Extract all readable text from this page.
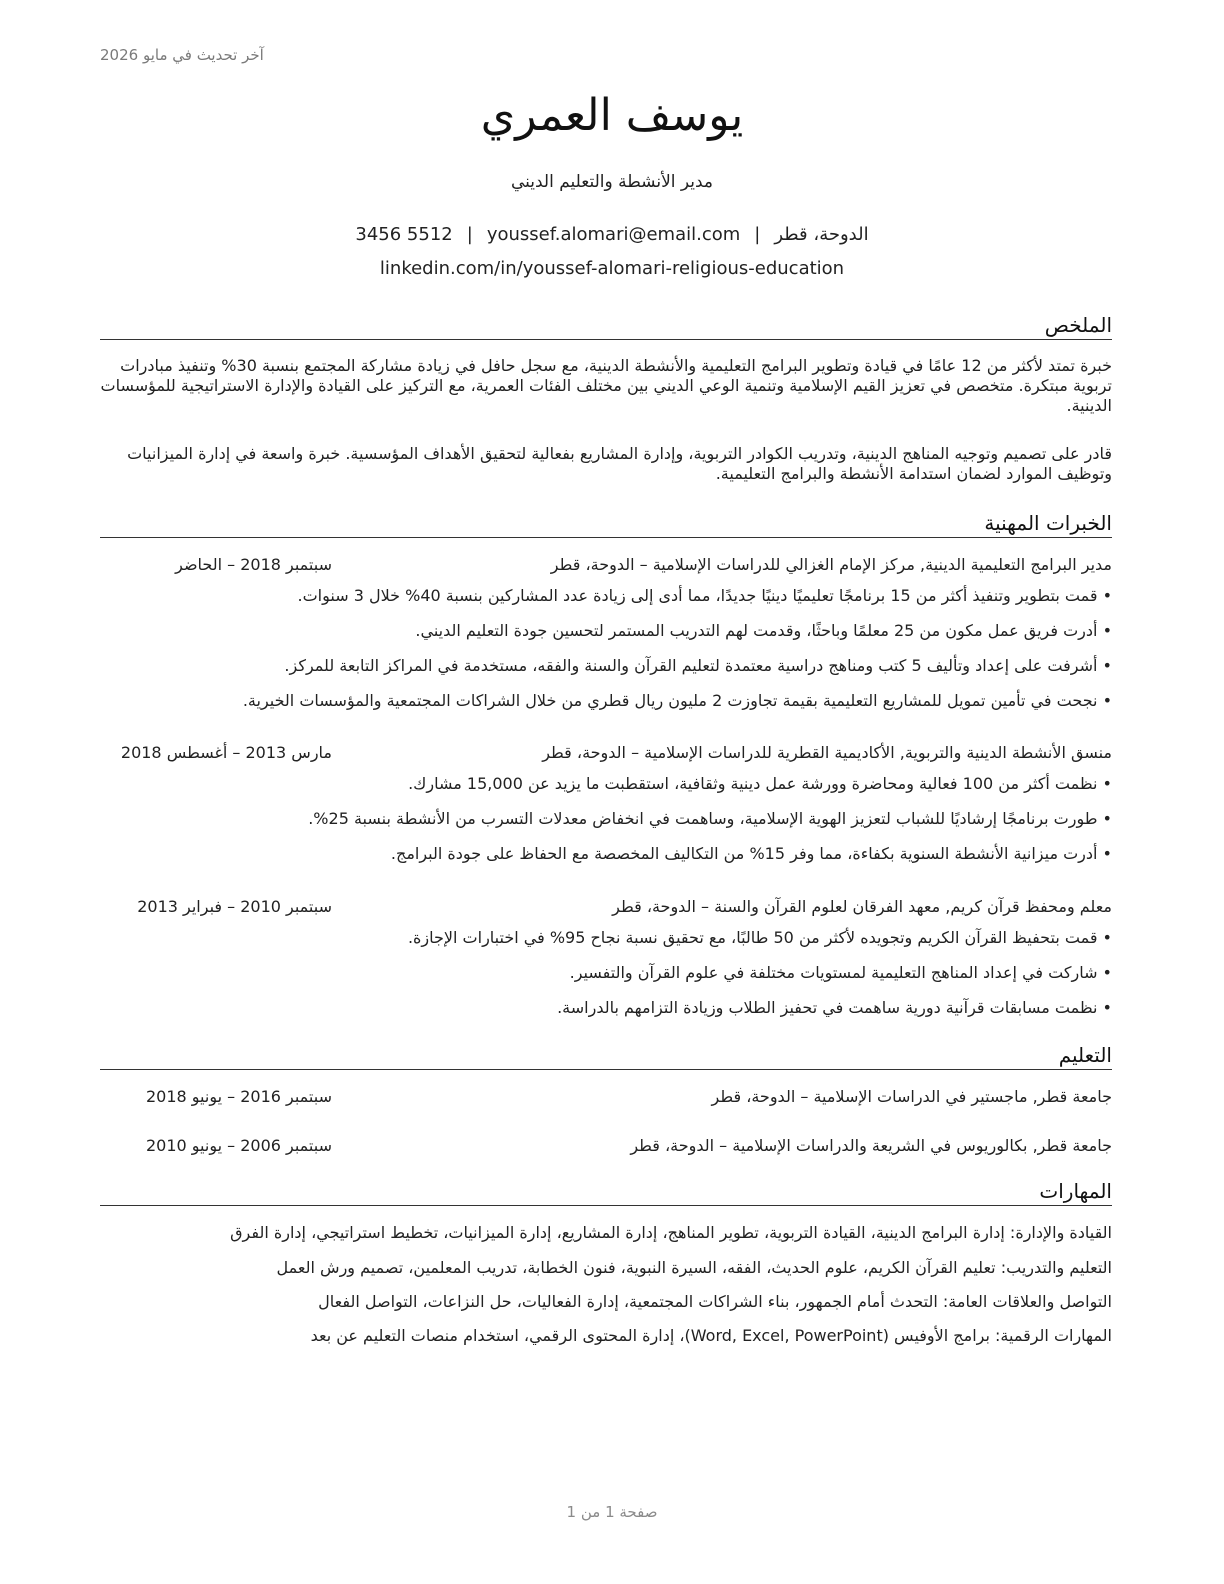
آخر تحديث في مايو 2026
يوسف العمري
مدير الأنشطة والتعليم الديني
الدوحة، قطر|youssef.alomari@email.com|3456 5512
linkedin.com/in/youssef-alomari-religious-education
الملخص
خبرة تمتد لأكثر من 12 عامًا في قيادة وتطوير البرامج التعليمية والأنشطة الدينية، مع سجل حافل في زيادة مشاركة المجتمع بنسبة 30% وتنفيذ مبادرات تربوية مبتكرة. متخصص في تعزيز القيم الإسلامية وتنمية الوعي الديني بين مختلف الفئات العمرية، مع التركيز على القيادة والإدارة الاستراتيجية للمؤسسات الدينية.
قادر على تصميم وتوجيه المناهج الدينية، وتدريب الكوادر التربوية، وإدارة المشاريع بفعالية لتحقيق الأهداف المؤسسية. خبرة واسعة في إدارة الميزانيات وتوظيف الموارد لضمان استدامة الأنشطة والبرامج التعليمية.
الخبرات المهنية
مدير البرامج التعليمية الدينية, مركز الإمام الغزالي للدراسات الإسلامية – الدوحة، قطر
سبتمبر 2018 – الحاضر
• قمت بتطوير وتنفيذ أكثر من 15 برنامجًا تعليميًا دينيًا جديدًا، مما أدى إلى زيادة عدد المشاركين بنسبة 40% خلال 3 سنوات.
• أدرت فريق عمل مكون من 25 معلمًا وباحثًا، وقدمت لهم التدريب المستمر لتحسين جودة التعليم الديني.
• أشرفت على إعداد وتأليف 5 كتب ومناهج دراسية معتمدة لتعليم القرآن والسنة والفقه، مستخدمة في المراكز التابعة للمركز.
• نجحت في تأمين تمويل للمشاريع التعليمية بقيمة تجاوزت 2 مليون ريال قطري من خلال الشراكات المجتمعية والمؤسسات الخيرية.
منسق الأنشطة الدينية والتربوية, الأكاديمية القطرية للدراسات الإسلامية – الدوحة، قطر
مارس 2013 – أغسطس 2018
• نظمت أكثر من 100 فعالية ومحاضرة وورشة عمل دينية وثقافية، استقطبت ما يزيد عن 15,000 مشارك.
• طورت برنامجًا إرشاديًا للشباب لتعزيز الهوية الإسلامية، وساهمت في انخفاض معدلات التسرب من الأنشطة بنسبة 25%.
• أدرت ميزانية الأنشطة السنوية بكفاءة، مما وفر 15% من التكاليف المخصصة مع الحفاظ على جودة البرامج.
معلم ومحفظ قرآن كريم, معهد الفرقان لعلوم القرآن والسنة – الدوحة، قطر
سبتمبر 2010 – فبراير 2013
• قمت بتحفيظ القرآن الكريم وتجويده لأكثر من 50 طالبًا، مع تحقيق نسبة نجاح 95% في اختبارات الإجازة.
• شاركت في إعداد المناهج التعليمية لمستويات مختلفة في علوم القرآن والتفسير.
• نظمت مسابقات قرآنية دورية ساهمت في تحفيز الطلاب وزيادة التزامهم بالدراسة.
التعليم
جامعة قطر, ماجستير في الدراسات الإسلامية – الدوحة، قطر
سبتمبر 2016 – يونيو 2018
جامعة قطر, بكالوريوس في الشريعة والدراسات الإسلامية – الدوحة، قطر
سبتمبر 2006 – يونيو 2010
المهارات
القيادة والإدارة: إدارة البرامج الدينية، القيادة التربوية، تطوير المناهج، إدارة المشاريع، إدارة الميزانيات، تخطيط استراتيجي، إدارة الفرق
التعليم والتدريب: تعليم القرآن الكريم، علوم الحديث، الفقه، السيرة النبوية، فنون الخطابة، تدريب المعلمين، تصميم ورش العمل
التواصل والعلاقات العامة: التحدث أمام الجمهور، بناء الشراكات المجتمعية، إدارة الفعاليات، حل النزاعات، التواصل الفعال
المهارات الرقمية: برامج الأوفيس (Word, Excel, PowerPoint)، إدارة المحتوى الرقمي، استخدام منصات التعليم عن بعد
صفحة 1 من 1
